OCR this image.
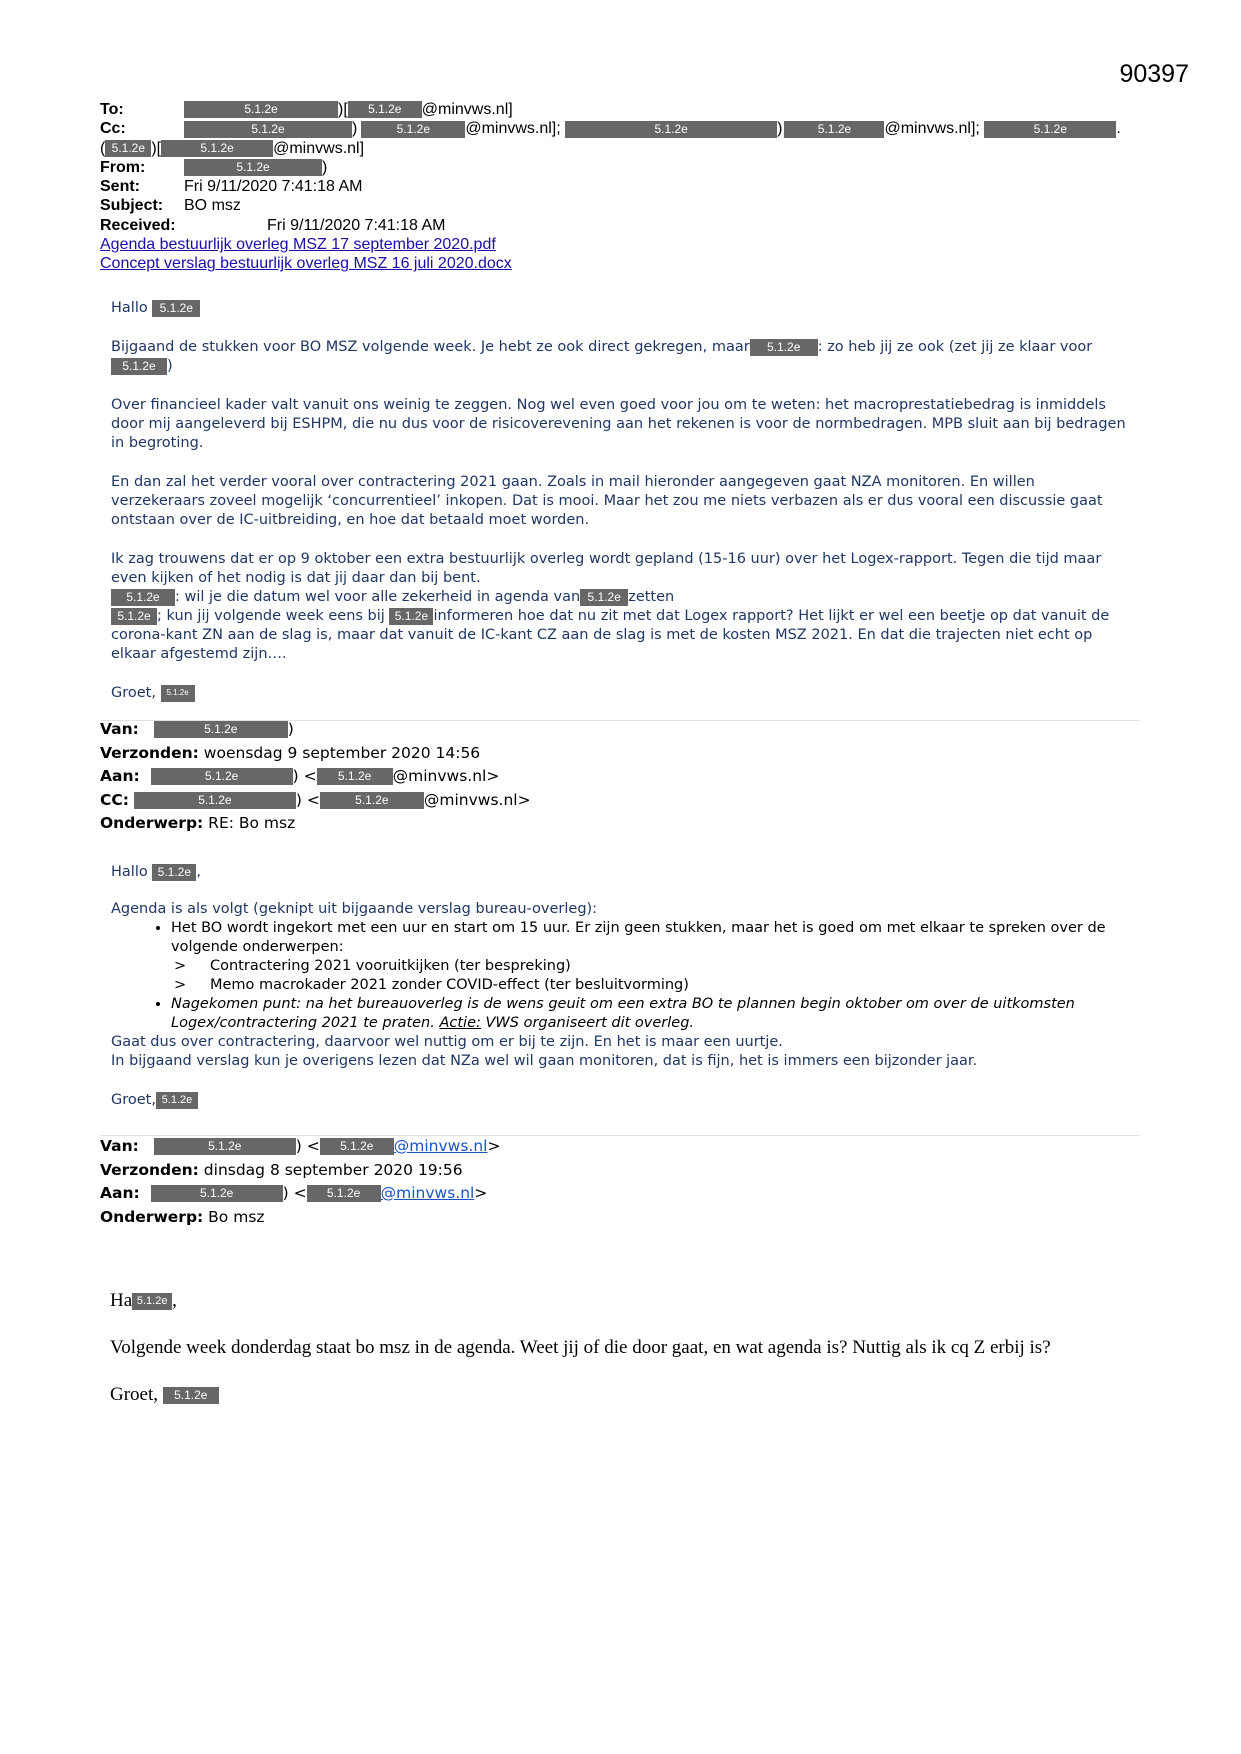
90397
To:	5.1.2e	)[ 5.1.2e @minvws.nl]
Cc:	5.1.2e	)	5.1.2e @minvws.nl];	5.1.2e	)	5.1.2e @minvws.nl];	5.1.2e	.
( 5.1.2e )[	5.1.2e @minvws.nl]
From:	5.1.2e	)
Sent:	Fri 9/11/2020 7:41:18 AM
Subject: BO msz
Received:	Fri 9/11/2020 7:41:18 AM
Agenda bestuurlijk overleg MSZ 17 september 2020.pdf
Concept verslag bestuurlijk overleg MSZ 16 juli 2020.docx

Hallo 5.1.2e

Bijgaand de stukken voor BO MSZ volgende week. Je hebt ze ook direct gekregen, maar 5.1.2e : zo heb jij ze ook (zet jij ze klaar voor5.1.2e )

Over financieel kader valt vanuit ons weinig te zeggen. Nog wel even goed voor jou om te weten: het macroprestatiebedrag is inmiddels door mij aangeleverd bij ESHPM, die nu dus voor de risicoverevening aan het rekenen is voor de normbedragen. MPB sluit aan bij bedragen in begroting.

En dan zal het verder vooral over contractering 2021 gaan. Zoals in mail hieronder aangegeven gaat NZA monitoren. En willen verzekeraars zoveel mogelijk ‘concurrentieel’ inkopen. Dat is mooi. Maar het zou me niets verbazen als er dus vooral een discussie gaat ontstaan over de IC-uitbreiding, en hoe dat betaald moet worden.

Ik zag trouwens dat er op 9 oktober een extra bestuurlijk overleg wordt gepland (15-16 uur) over het Logex-rapport. Tegen die tijd maar even kijken of het nodig is dat jij daar dan bij bent.
5.1.2e : wil je die datum wel voor alle zekerheid in agenda van 5.1.2e zetten
5.1.2e ; kun jij volgende week eens bij 5.1.2e informeren hoe dat nu zit met dat Logex rapport? Het lijkt er wel een beetje op dat vanuit de corona-kant ZN aan de slag is, maar dat vanuit de IC-kant CZ aan de slag is met de kosten MSZ 2021. En dat die trajecten niet echt op elkaar afgestemd zijn….

Groet, 5.1.2e

Van:	5.1.2e	)
Verzonden: woensdag 9 september 2020 14:56
Aan:	5.1.2e	) < 5.1.2e @minvws.nl>
CC:	5.1.2e	) <	5.1.2e @minvws.nl>
Onderwerp: RE: Bo msz

Hallo 5.1.2e ,

Agenda is als volgt (geknipt uit bijgaande verslag bureau-overleg):
• Het BO wordt ingekort met een uur en start om 15 uur. Er zijn geen stukken, maar het is goed om met elkaar te spreken over de volgende onderwerpen:
> Contractering 2021 vooruitkijken (ter bespreking)
> Memo macrokader 2021 zonder COVID-effect (ter besluitvorming)
• Nagekomen punt: na het bureauoverleg is de wens geuit om een extra BO te plannen begin oktober om over de uitkomsten Logex/contractering 2021 te praten. Actie: VWS organiseert dit overleg.
Gaat dus over contractering, daarvoor wel nuttig om er bij te zijn. En het is maar een uurtje.
In bijgaand verslag kun je overigens lezen dat NZa wel wil gaan monitoren, dat is fijn, het is immers een bijzonder jaar.

Groet, 5.1.2e

Van:	5.1.2e	) < 5.1.2e @minvws.nl>
Verzonden: dinsdag 8 september 2020 19:56
Aan:	5.1.2e	) < 5.1.2e @minvws.nl>
Onderwerp: Bo msz

Ha 5.1.2e ,

Volgende week donderdag staat bo msz in de agenda. Weet jij of die door gaat, en wat agenda is? Nuttig als ik cq Z erbij is?

Groet, 5.1.2e
